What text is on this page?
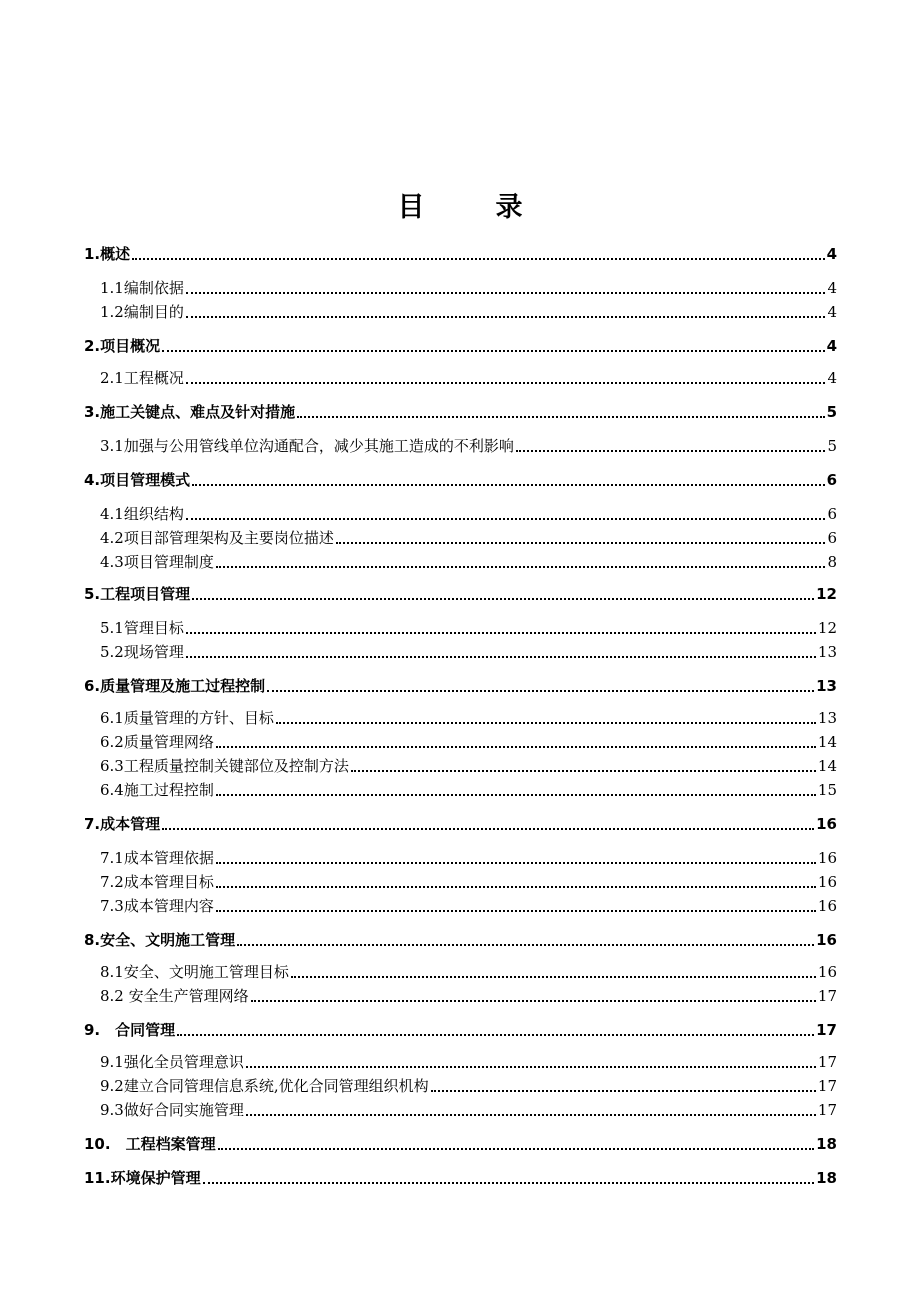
目　录
1.概述	4
1.1编制依据	4
1.2编制目的	4
2.项目概况	4
2.1工程概况	4
3.施工关键点、难点及针对措施	5
3.1加强与公用管线单位沟通配合，减少其施工造成的不利影响	5
4.项目管理模式	6
4.1组织结构	6
4.2项目部管理架构及主要岗位描述	6
4.3项目管理制度	8
5.工程项目管理	12
5.1管理目标	12
5.2现场管理	13
6.质量管理及施工过程控制	13
6.1质量管理的方针、目标	13
6.2质量管理网络	14
6.3工程质量控制关键部位及控制方法	14
6.4施工过程控制	15
7.成本管理	16
7.1成本管理依据	16
7.2成本管理目标	16
7.3成本管理内容	16
8.安全、文明施工管理	16
8.1安全、文明施工管理目标	16
8.2 安全生产管理网络	17
9.　合同管理	17
9.1强化全员管理意识	17
9.2建立合同管理信息系统,优化合同管理组织机构	17
9.3做好合同实施管理	17
10.　工程档案管理	18
11.环境保护管理	18
